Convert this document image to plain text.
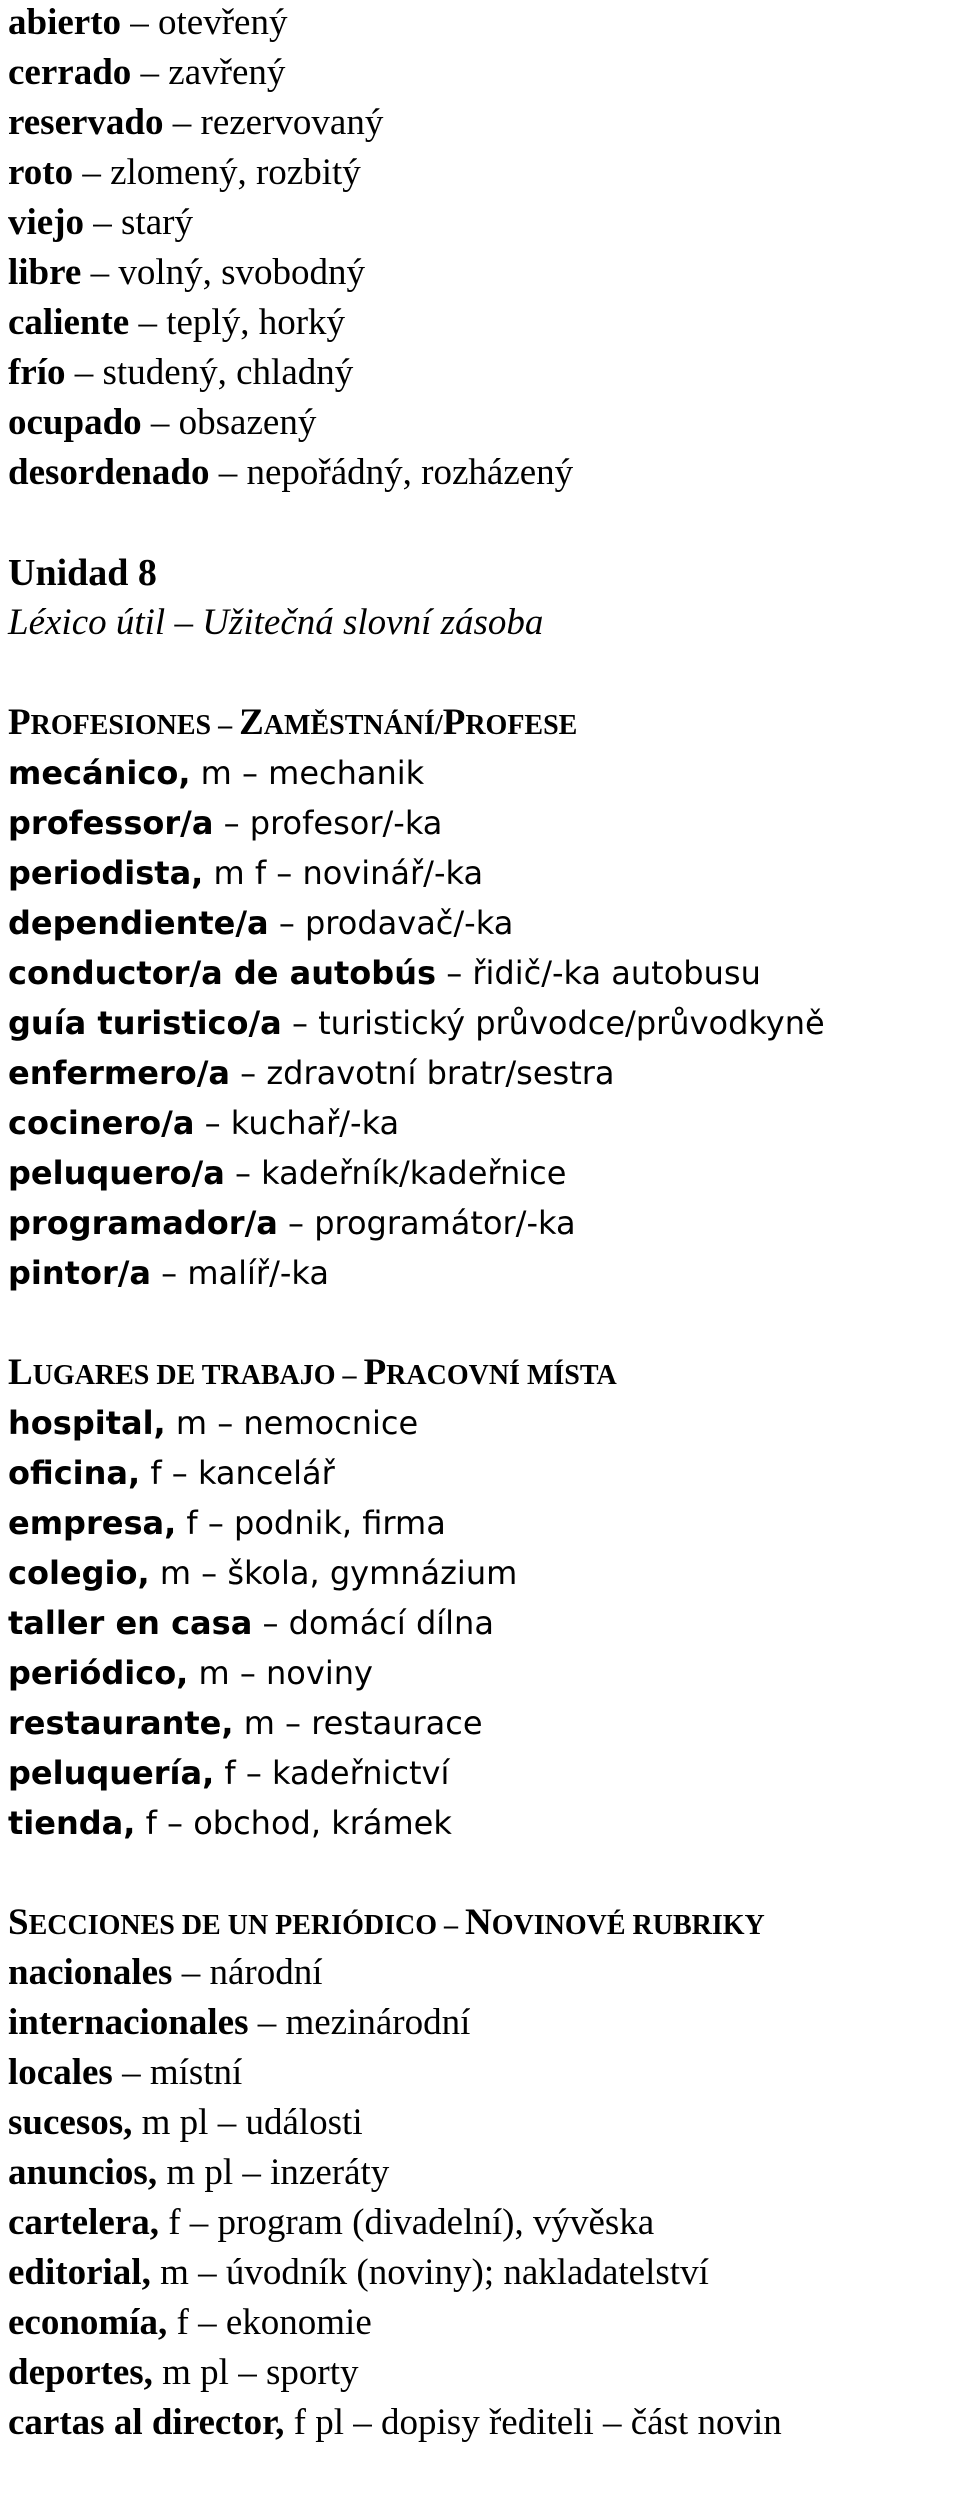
abierto – otevřený
cerrado – zavřený
reservado – rezervovaný
roto – zlomený, rozbitý
viejo – starý
libre – volný, svobodný
caliente – teplý, horký
frío – studený, chladný
ocupado – obsazený
desordenado – nepořádný, rozházený
Unidad 8
Léxico útil – Užitečná slovní zásoba
PROFESIONES – ZAMĚSTNÁNÍ/PROFESE
mecánico, m – mechanik
professor/a – profesor/-ka
periodista, m f – novinář/-ka
dependiente/a – prodavač/-ka
conductor/a de autobús – řidič/-ka autobusu
guía turistico/a – turistický průvodce/průvodkyně
enfermero/a – zdravotní bratr/sestra
cocinero/a – kuchař/-ka
peluquero/a – kadeřník/kadeřnice
programador/a – programátor/-ka
pintor/a – malíř/-ka
LUGARES DE TRABAJO – PRACOVNÍ MÍSTA
hospital, m – nemocnice
oficina, f – kancelář
empresa, f – podnik, firma
colegio, m – škola, gymnázium
taller en casa – domácí dílna
periódico, m – noviny
restaurante, m – restaurace
peluquería, f – kadeřnictví
tienda, f – obchod, krámek
SECCIONES DE UN PERIÓDICO – NOVINOVÉ RUBRIKY
nacionales – národní
internacionales – mezinárodní
locales – místní
sucesos, m pl – události
anuncios, m pl – inzeráty
cartelera, f – program (divadelní), vývěska
editorial, m – úvodník (noviny); nakladatelství
economía, f – ekonomie
deportes, m pl – sporty
cartas al director, f pl – dopisy řediteli – část novin
